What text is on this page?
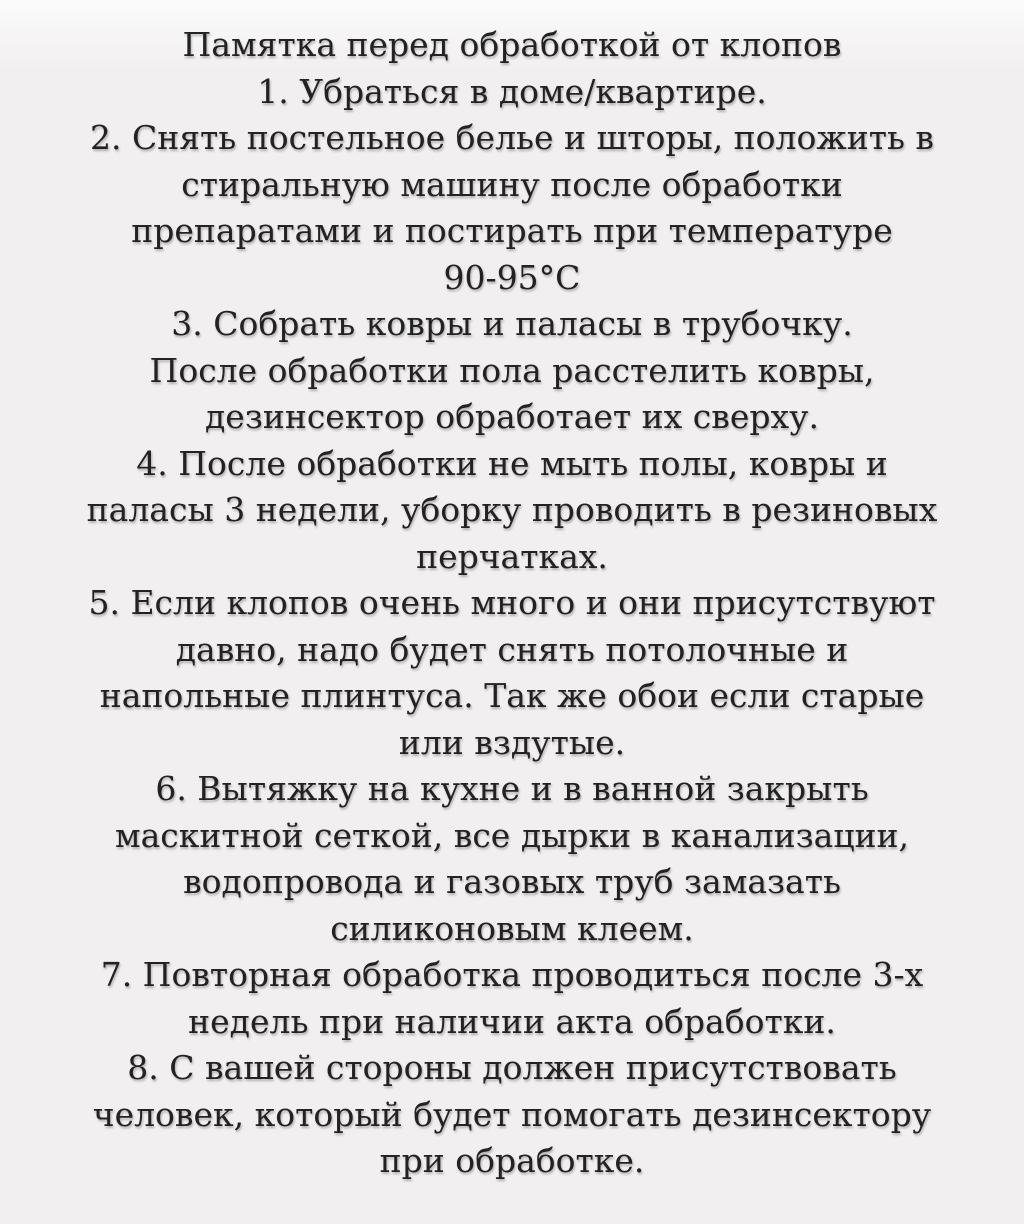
Памятка перед обработкой от клопов
1. Убраться в доме/квартире.
2. Снять постельное белье и шторы, положить в
стиральную машину после обработки
препаратами и постирать при температуре
90-95°С
3. Собрать ковры и паласы в трубочку.
После обработки пола расстелить ковры,
дезинсектор обработает их сверху.
4. После обработки не мыть полы, ковры и
паласы 3 недели, уборку проводить в резиновых
перчатках.
5. Если клопов очень много и они присутствуют
давно, надо будет снять потолочные и
напольные плинтуса. Так же обои если старые
или вздутые.
6. Вытяжку на кухне и в ванной закрыть
маскитной сеткой, все дырки в канализации,
водопровода и газовых труб замазать
силиконовым клеем.
7. Повторная обработка проводиться после 3-х
недель при наличии акта обработки.
8. С вашей стороны должен присутствовать
человек, который будет помогать дезинсектору
при обработке.
